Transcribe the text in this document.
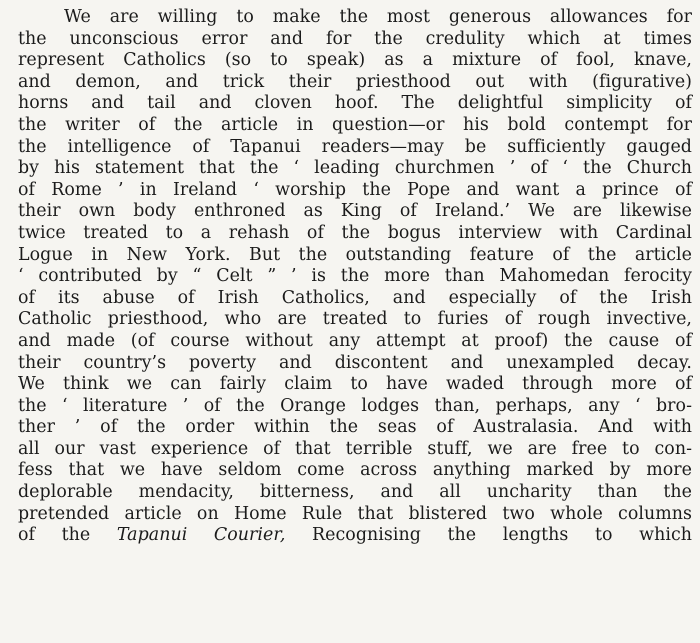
We are willing to make the most generous allowances for
the unconscious error and for the credulity which at times
represent Catholics (so to speak) as a mixture of fool, knave,
and demon, and trick their priesthood out with (figurative)
horns and tail and cloven hoof. The delightful simplicity of
the writer of the article in question—or his bold contempt for
the intelligence of Tapanui readers—may be sufficiently gauged
by his statement that the ‘ leading churchmen ’ of ‘ the Church
of Rome ’ in Ireland ‘ worship the Pope and want a prince of
their own body enthroned as King of Ireland.’ We are likewise
twice treated to a rehash of the bogus interview with Cardinal
Logue in New York. But the outstanding feature of the article
‘ contributed by “ Celt ” ’ is the more than Mahomedan ferocity
of its abuse of Irish Catholics, and especially of the Irish
Catholic priesthood, who are treated to furies of rough invective,
and made (of course without any attempt at proof) the cause of
their country’s poverty and discontent and unexampled decay.
We think we can fairly claim to have waded through more of
the ‘ literature ’ of the Orange lodges than, perhaps, any ‘ bro-
ther ’ of the order within the seas of Australasia. And with
all our vast experience of that terrible stuff, we are free to con-
fess that we have seldom come across anything marked by more
deplorable mendacity, bitterness, and all uncharity than the
pretended article on Home Rule that blistered two whole columns
of the Tapanui Courier, Recognising the lengths to which
